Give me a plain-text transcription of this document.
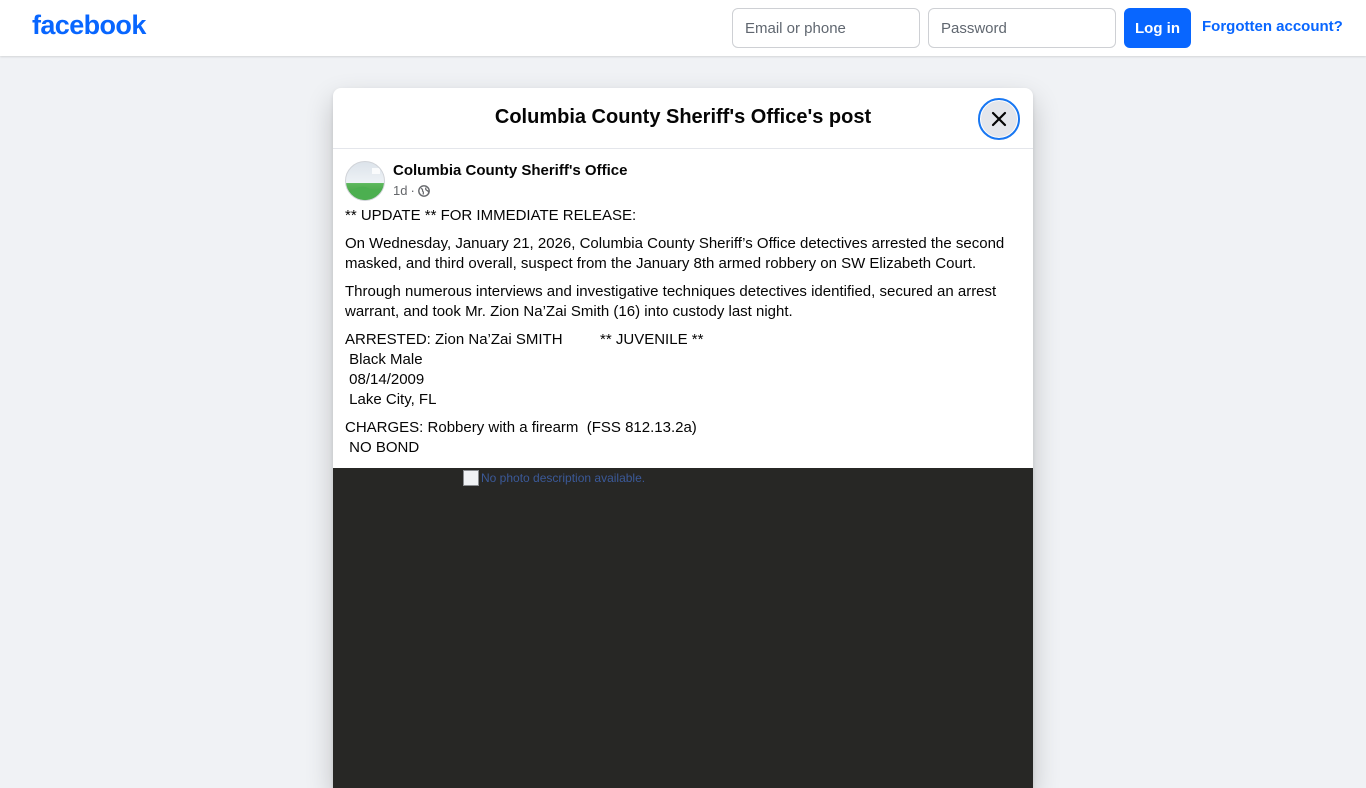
facebook
Email or phone	Log in	Forgotten account?
Columbia County Sheriff's Office's post
Columbia County Sheriff's Office
1d ·

** UPDATE ** FOR IMMEDIATE RELEASE:

On Wednesday, January 21, 2026, Columbia County Sheriff’s Office detectives arrested the second masked, and third overall, suspect from the January 8th armed robbery on SW Elizabeth Court.

Through numerous interviews and investigative techniques detectives identified, secured an arrest warrant, and took Mr. Zion Na’Zai Smith (16) into custody last night.

ARRESTED: Zion Na’Zai SMITH         ** JUVENILE **
Black Male
08/14/2009
Lake City, FL

CHARGES: Robbery with a firearm  (FSS 812.13.2a)
NO BOND

No photo description available.
